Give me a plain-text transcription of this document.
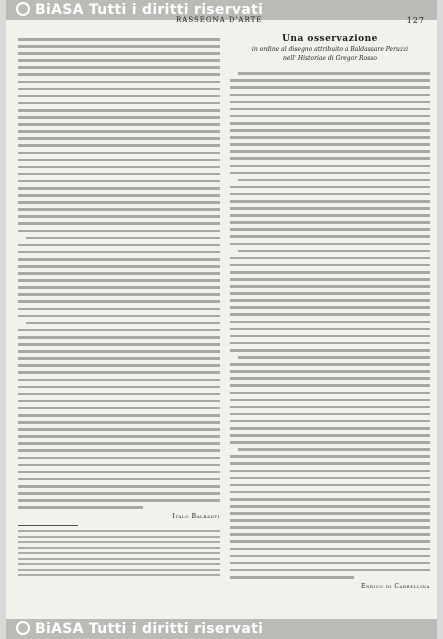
BiASA Tutti i diritti riservati
RASSEGNA D'ARTE	127
Italo Balbanti
Una osservazione
in ordine al disegno attribuito a Baldassare Peruzzi
nell' Historiae di Gregor Rosso
Enrico di Carbellina
BiASA Tutti i diritti riservati
